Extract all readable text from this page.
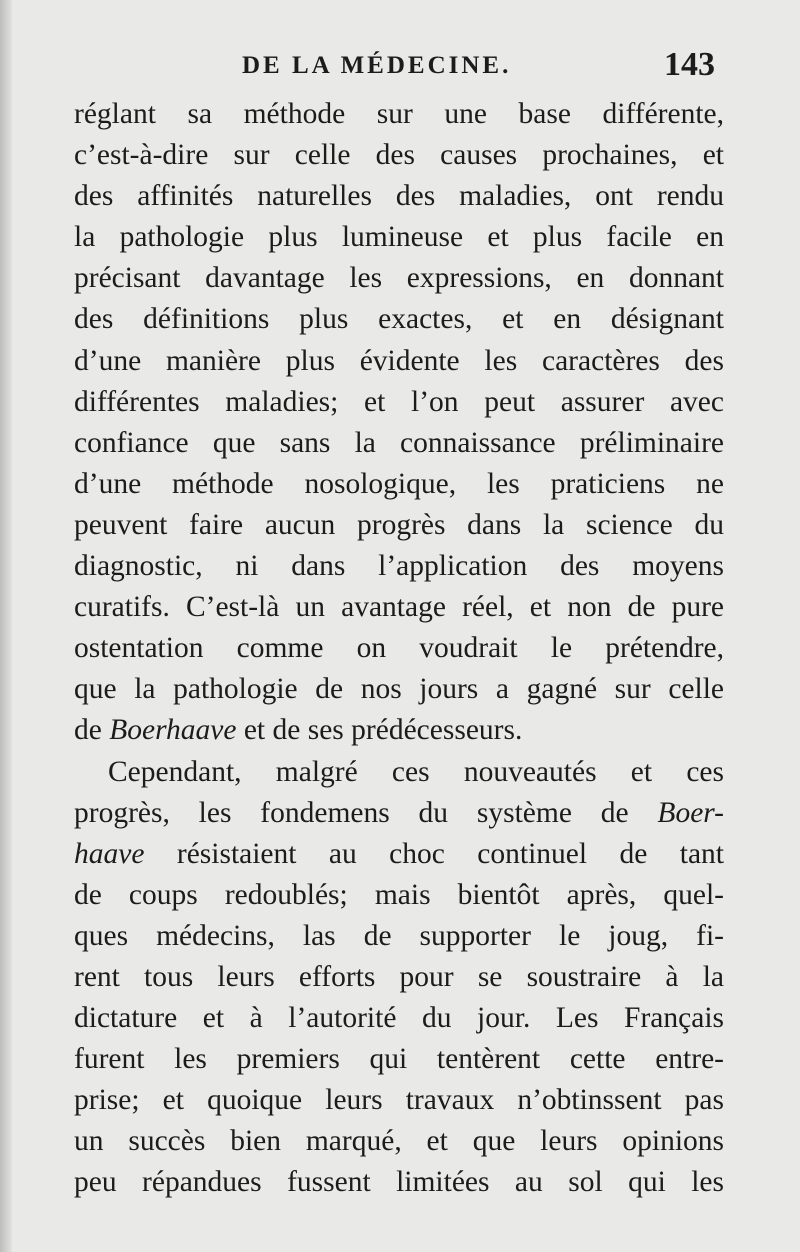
DE LA MÉDECINE.	143
réglant sa méthode sur une base différente,
c’est-à-dire sur celle des causes prochaines, et
des affinités naturelles des maladies, ont rendu
la pathologie plus lumineuse et plus facile en
précisant davantage les expressions, en donnant
des définitions plus exactes, et en désignant
d’une manière plus évidente les caractères des
différentes maladies; et l’on peut assurer avec
confiance que sans la connaissance préliminaire
d’une méthode nosologique, les praticiens ne
peuvent faire aucun progrès dans la science du
diagnostic, ni dans l’application des moyens
curatifs. C’est-là un avantage réel, et non de pure
ostentation comme on voudrait le prétendre,
que la pathologie de nos jours a gagné sur celle
de Boerhaave et de ses prédécesseurs.
Cependant, malgré ces nouveautés et ces
progrès, les fondemens du système de Boer-
haave résistaient au choc continuel de tant
de coups redoublés; mais bientôt après, quel-
ques médecins, las de supporter le joug, fi-
rent tous leurs efforts pour se soustraire à la
dictature et à l’autorité du jour. Les Français
furent les premiers qui tentèrent cette entre-
prise; et quoique leurs travaux n’obtinssent pas
un succès bien marqué, et que leurs opinions
peu répandues fussent limitées au sol qui les
